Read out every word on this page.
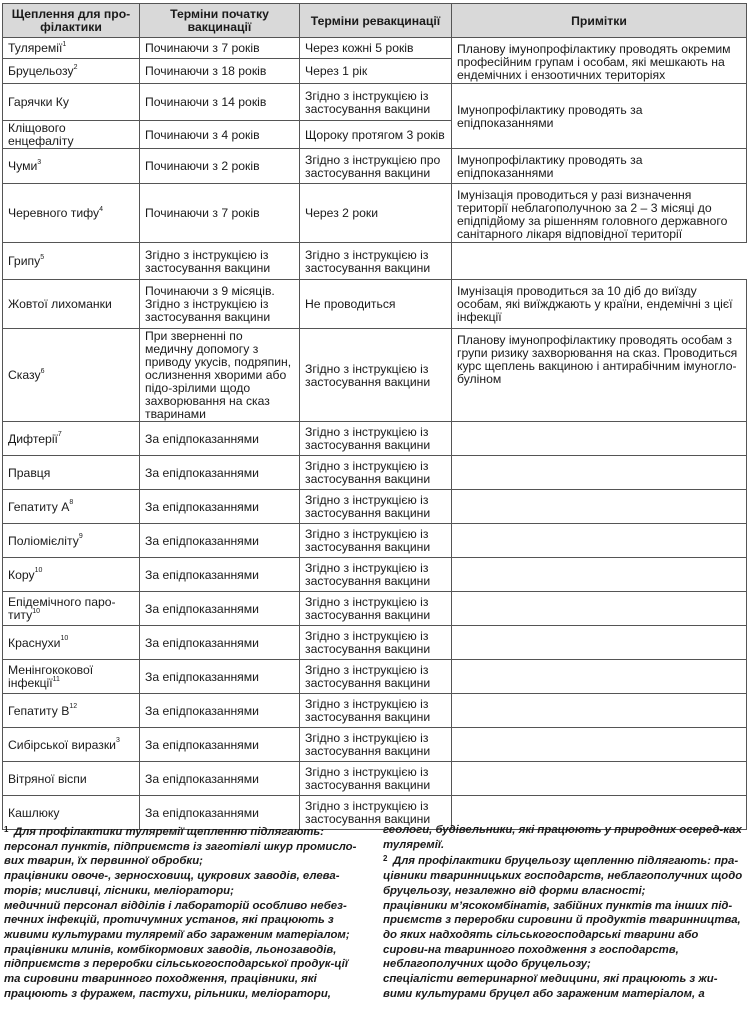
Щеплення для про-філактики	Терміни початку вакцинації	Терміни ревакцинації	Примітки
Туляремії$^1$	Починаючи з 7 років	Через кожні 5 років	Планову імунопрофілактику проводять окремим професійним групам і особам, які мешкають на ендемічних і ензоотичних територіях
Бруцельозу$^2$	Починаючи з 18 років	Через 1 рік	
Гарячки Ку	Починаючи з 14 років	Згідно з інструкцією із застосування вакцини	Імунопрофілактику проводять за епідпоказаннями
Кліщового енцефаліту	Починаючи з 4 років	Щороку протягом 3 років	
Чуми$^3$	Починаючи з 2 років	Згідно з інструкцією про застосування вакцини	Імунопрофілактику проводять за епідпоказаннями
Черевного тифу$^4$	Починаючи з 7 років	Через 2 роки	Імунізація проводиться у разі визначення території неблагополучною за 2 – 3 місяці до епідпідйому за рішенням головного державного санітарного лікаря відповідної території
Грипу$^5$	Згідно з інструкцією із застосування вакцини	Згідно з інструкцією із застосування вакцини	
Жовтої лихоманки	Починаючи з 9 місяців. Згідно з інструкцією із застосування вакцини	Не проводиться	Імунізація проводиться за 10 діб до виїзду особам, які виїжджають у країни, ендемічні з цієї інфекції
Сказу$^6$	При зверненні по медичну допомогу з приводу укусів, подряпин, ослизнення хворими або підо-зрілими щодо захворювання на сказ тваринами	Згідно з інструкцією із застосування вакцини	Планову імунопрофілактику проводять особам з групи ризику захворювання на сказ. Проводиться курс щеплень вакциною і антирабічним імуногло-буліном
Дифтерії$^7$	За епідпоказаннями	Згідно з інструкцією із застосування вакцини	
Правця	За епідпоказаннями	Згідно з інструкцією із застосування вакцини	
Гепатиту $А^8$	За епідпоказаннями	Згідно з інструкцією із застосування вакцини	
Поліомієліту$^9$	За епідпоказаннями	Згідно з інструкцією із застосування вакцини	
Кору$^{10}$	За епідпоказаннями	Згідно з інструкцією із застосування вакцини	
Епідемічного паро-титу$^{10}$	За епідпоказаннями	Згідно з інструкцією із застосування вакцини	
Краснухи$^{10}$	За епідпоказаннями	Згідно з інструкцією із застосування вакцини	
Менінгококової інфекції$^{11}$	За епідпоказаннями	Згідно з інструкцією із застосування вакцини	
Гепатиту $В^{12}$	За епідпоказаннями	Згідно з інструкцією із застосування вакцини	
Сибірської виразки$^3$	За епідпоказаннями	Згідно з інструкцією із застосування вакцини	
Вітряної віспи	За епідпоказаннями	Згідно з інструкцією із застосування вакцини	
Кашлюку	За епідпоказаннями	Згідно з інструкцією із застосування вакцини	

1 Для профілактики туляремії щепленню підлягають:

персонал пунктів, підприємств із заготівлі шкур промисло-вих тварин, їх первинної обробки;

працівники овоче-, зерносховищ, цукрових заводів, елева-торів; мисливці, лісники, меліоратори;

медичний персонал відділів і лабораторій особливо небез-печних інфекцій, протичумних установ, які працюють з живими культурами туляремії або зараженим матеріалом;

працівники млинів, комбікормових заводів, льонозаводів, підприємств з переробки сільськогосподарської продук-ції та сировини тваринного походження, працівники, які працюють з фуражем, пастухи, рільники, меліоратори,

геологи, будівельники, які працюють у природних осеред-ках туляремії.

2 Для профілактики бруцельозу щепленню підлягають: пра-цівники тваринницьких господарств, неблагополучних щодо бруцельозу, незалежно від форми власності;

працівники м’ясокомбінатів, забійних пунктів та інших під-приємств з переробки сировини й продуктів тваринництва, до яких надходять сільськогосподарські тварини або сирови-на тваринного походження з господарств, неблагополучних щодо бруцельозу;

спеціалісти ветеринарної медицини, які працюють з жи-вими культурами бруцел або зараженим матеріалом, а
